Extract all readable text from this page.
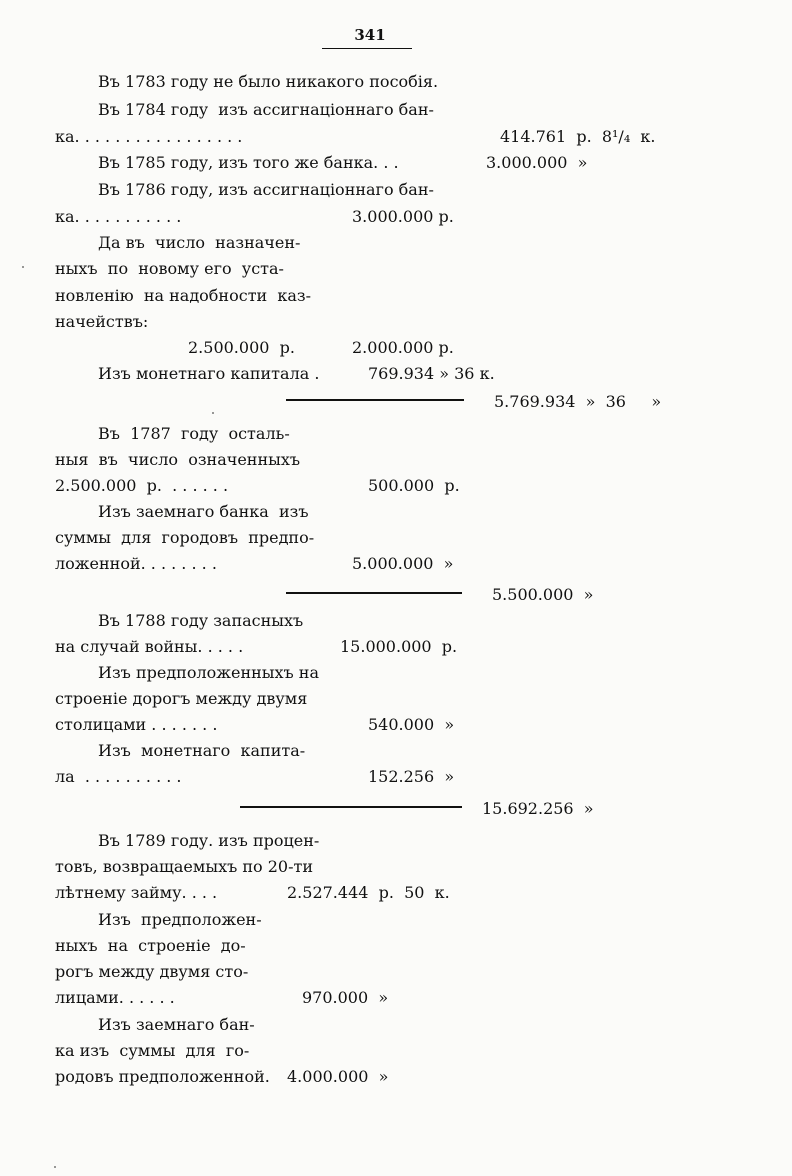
341
Въ 1783 году не было никакого пособія.
Въ 1784 году  изъ ассигнаціоннаго бан-
ка. . . . . . . . . . . . . . . . .	414.761  р.  8¹/₄  к.
Въ 1785 году, изъ того же банка. . .	3.000.000  »
Въ 1786 году, изъ ассигнаціоннаго бан-
ка. . . . . . . . . . .	3.000.000 р.
Да въ  число  назначен-
ныхъ  по  новому его  уста-
новленію  на надобности  каз-
начействъ:
2.500.000  р.	2.000.000 р.
Изъ монетнаго капитала .	769.934 » 36 к.
5.769.934  »  36     »
Въ  1787  году  осталь-
ныя  въ  число  означенныхъ
2.500.000  р.  . . . . . .	500.000  р.
Изъ заемнаго банка  изъ
суммы  для  городовъ  предпо-
ложенной. . . . . . . .	5.000.000  »
5.500.000  »
Въ 1788 году запасныхъ
на случай войны. . . . .	15.000.000  р.
Изъ предположенныхъ на
строеніе дорогъ между двумя
столицами . . . . . . .	540.000  »
Изъ  монетнаго  капита-
ла  . . . . . . . . . .	152.256  »
15.692.256  »
Въ 1789 году. изъ процен-
товъ, возвращаемыхъ по 20-ти
лѣтнему займу. . . .	2.527.444  р.  50  к.
Изъ  предположен-
ныхъ  на  строеніе  до-
рогъ между двумя сто-
лицами. . . . . .	970.000  »
Изъ заемнаго бан-
ка изъ  суммы  для  го-
родовъ предположенной. 4.000.000  »
